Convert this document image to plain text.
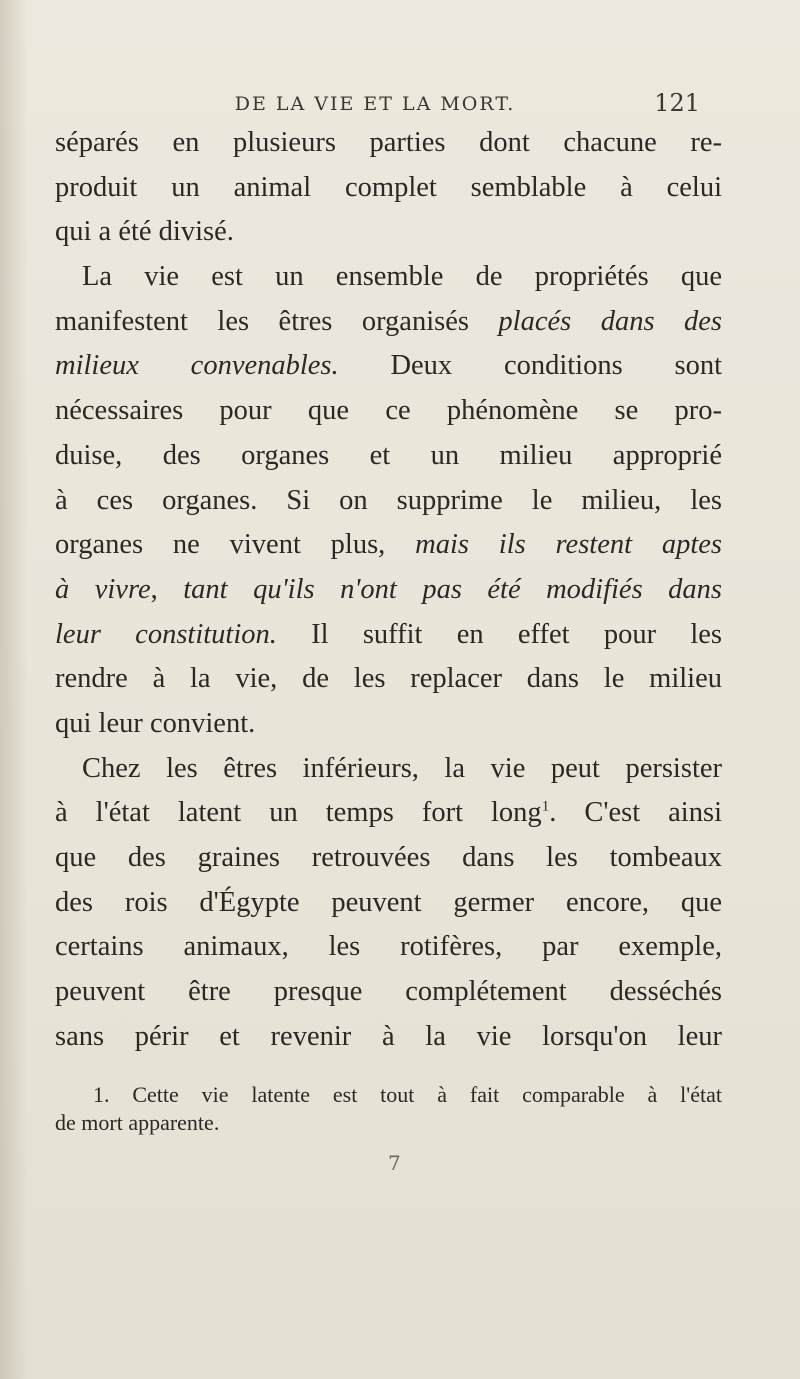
DE LA VIE ET LA MORT.	121
séparés en plusieurs parties dont chacune re-
produit un animal complet semblable à celui
qui a été divisé.
La vie est un ensemble de propriétés que
manifestent les êtres organisés placés dans des
milieux convenables. Deux conditions sont
nécessaires pour que ce phénomène se pro-
duise, des organes et un milieu approprié
à ces organes. Si on supprime le milieu, les
organes ne vivent plus, mais ils restent aptes
à vivre, tant qu'ils n'ont pas été modifiés dans
leur constitution. Il suffit en effet pour les
rendre à la vie, de les replacer dans le milieu
qui leur convient.
Chez les êtres inférieurs, la vie peut persister
à l'état latent un temps fort long$^1$. C'est ainsi
que des graines retrouvées dans les tombeaux
des rois d'Égypte peuvent germer encore, que
certains animaux, les rotifères, par exemple,
peuvent être presque complétement desséchés
sans périr et revenir à la vie lorsqu'on leur
1. Cette vie latente est tout à fait comparable à l'état
de mort apparente.
7
